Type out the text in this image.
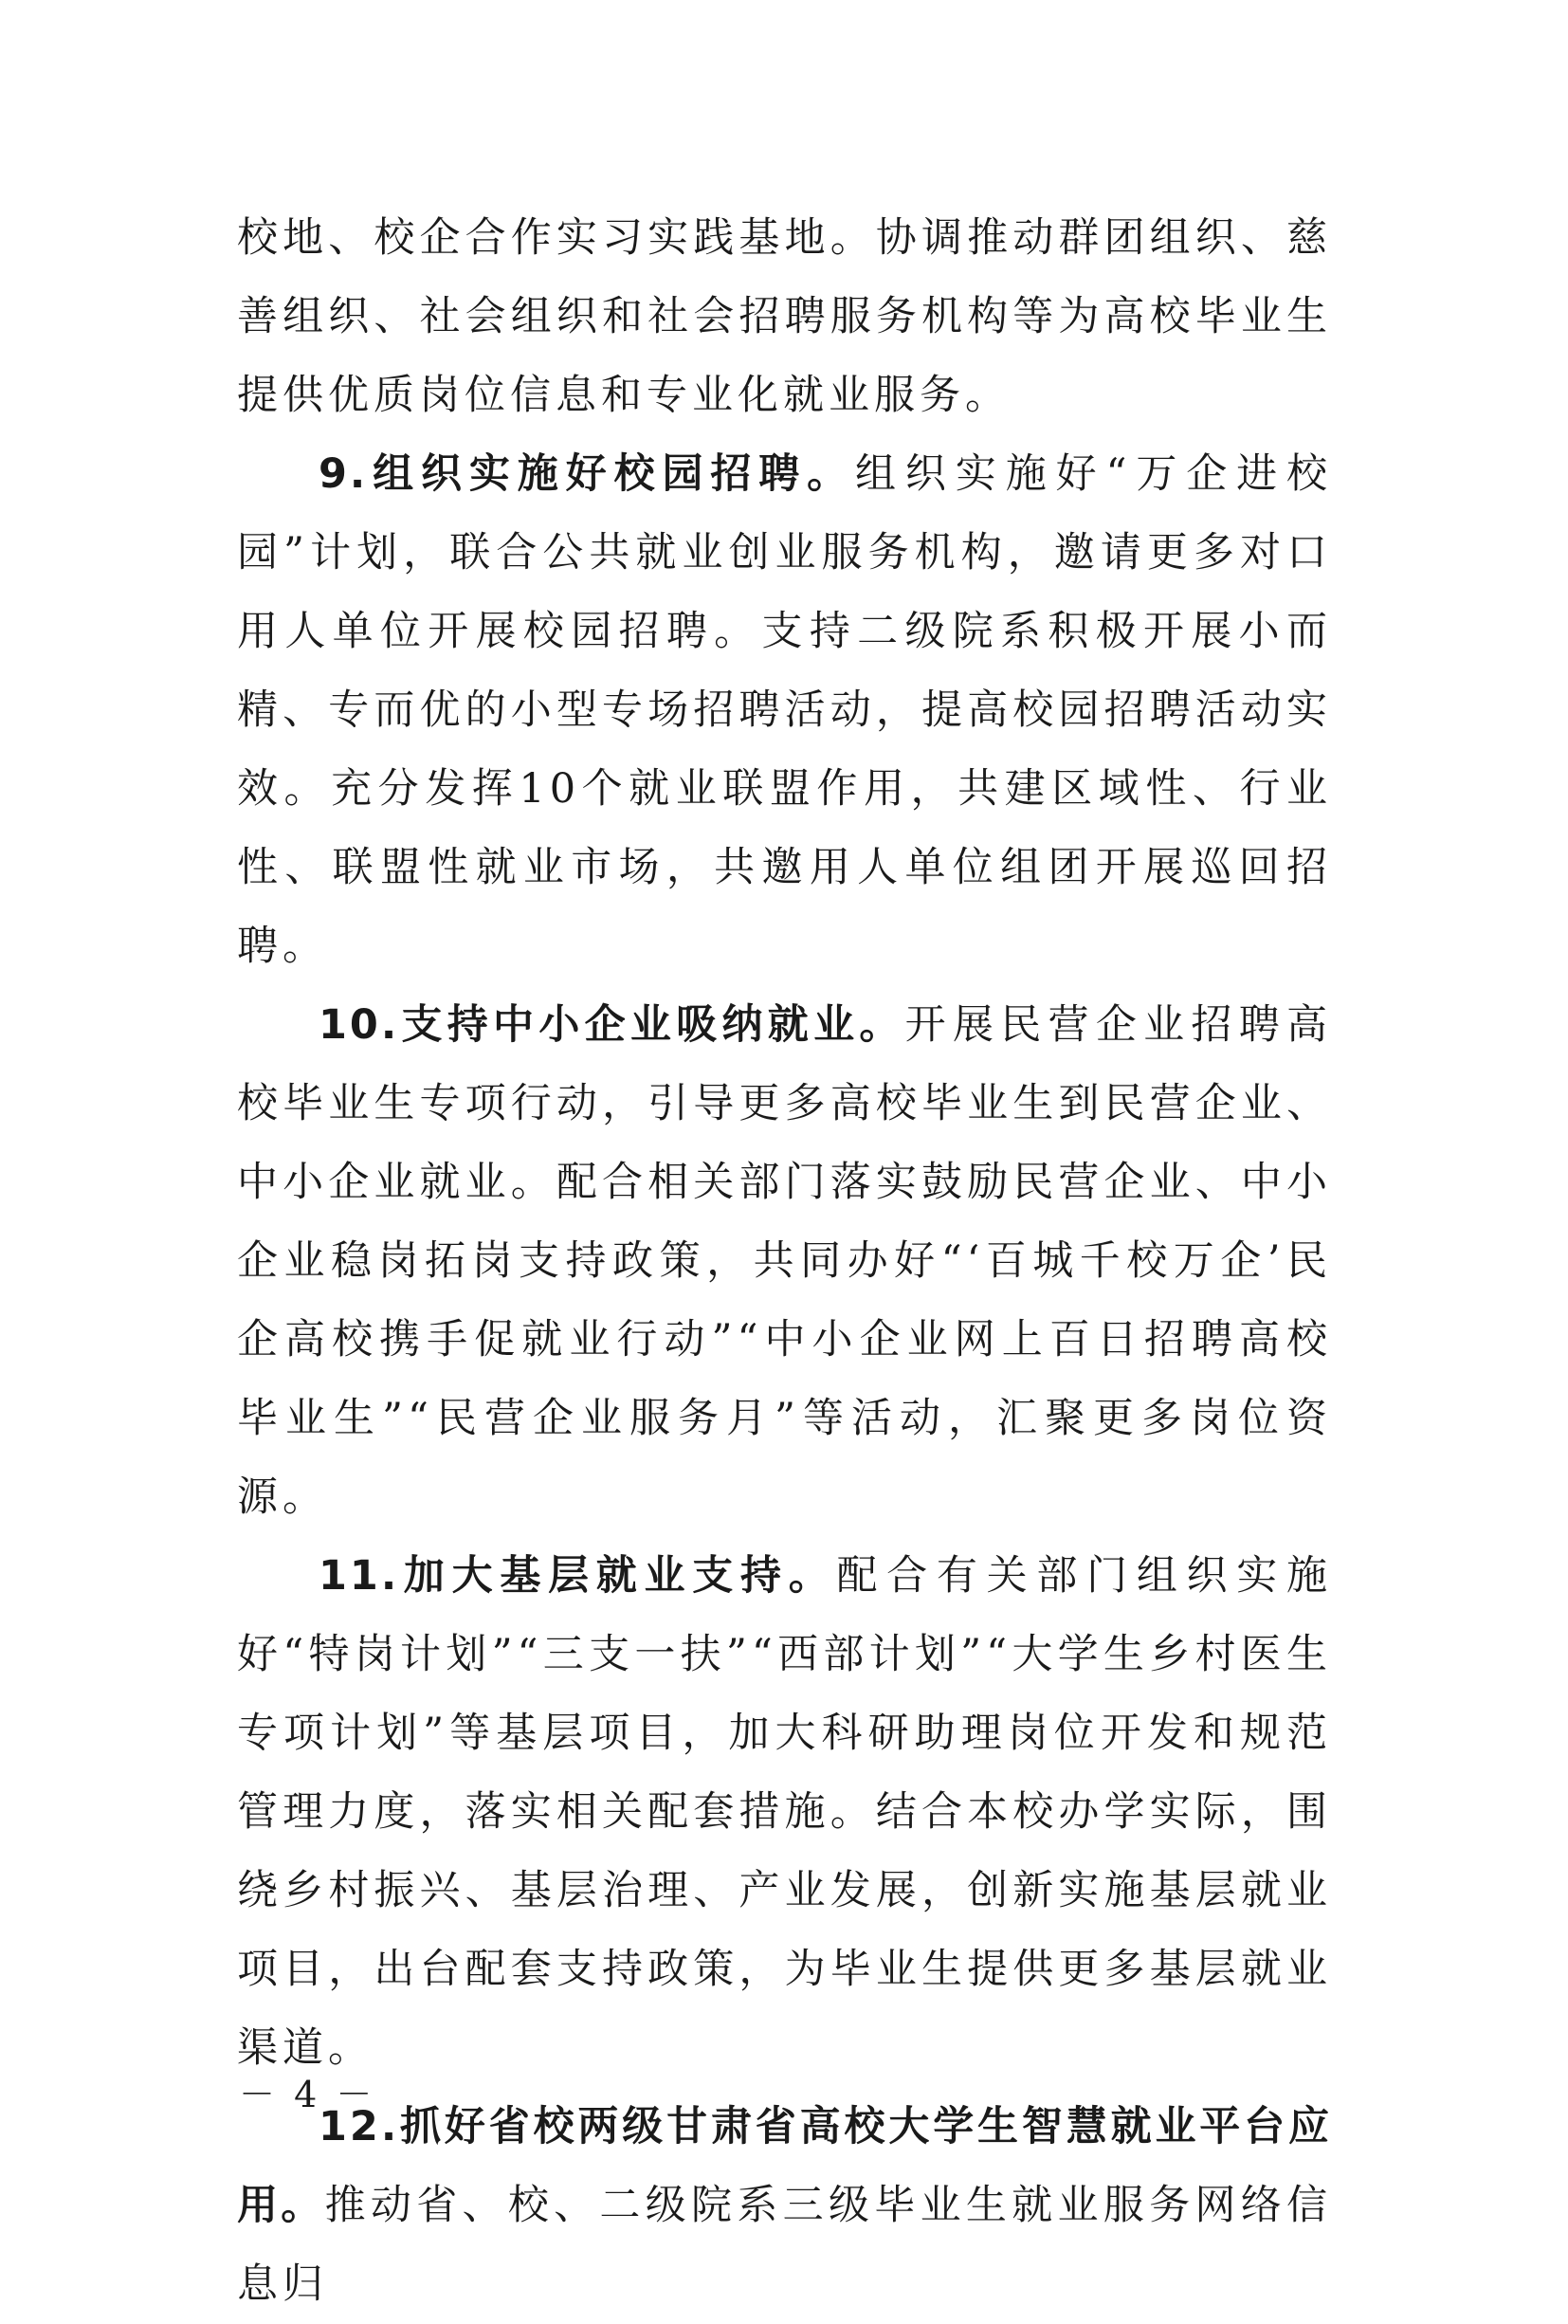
校地、校企合作实习实践基地。协调推动群团组织、慈善组织、社会组织和社会招聘服务机构等为高校毕业生提供优质岗位信息和专业化就业服务。

9.组织实施好校园招聘。组织实施好“万企进校园”计划，联合公共就业创业服务机构，邀请更多对口用人单位开展校园招聘。支持二级院系积极开展小而精、专而优的小型专场招聘活动，提高校园招聘活动实效。充分发挥10个就业联盟作用，共建区域性、行业性、联盟性就业市场，共邀用人单位组团开展巡回招聘。

10.支持中小企业吸纳就业。开展民营企业招聘高校毕业生专项行动，引导更多高校毕业生到民营企业、中小企业就业。配合相关部门落实鼓励民营企业、中小企业稳岗拓岗支持政策，共同办好“‘百城千校万企’民企高校携手促就业行动”“中小企业网上百日招聘高校毕业生”“民营企业服务月”等活动，汇聚更多岗位资源。

11.加大基层就业支持。配合有关部门组织实施好“特岗计划”“三支一扶”“西部计划”“大学生乡村医生专项计划”等基层项目，加大科研助理岗位开发和规范管理力度，落实相关配套措施。结合本校办学实际，围绕乡村振兴、基层治理、产业发展，创新实施基层就业项目，出台配套支持政策，为毕业生提供更多基层就业渠道。

12.抓好省校两级甘肃省高校大学生智慧就业平台应用。推动省、校、二级院系三级毕业生就业服务网络信息归

－ 4 －
